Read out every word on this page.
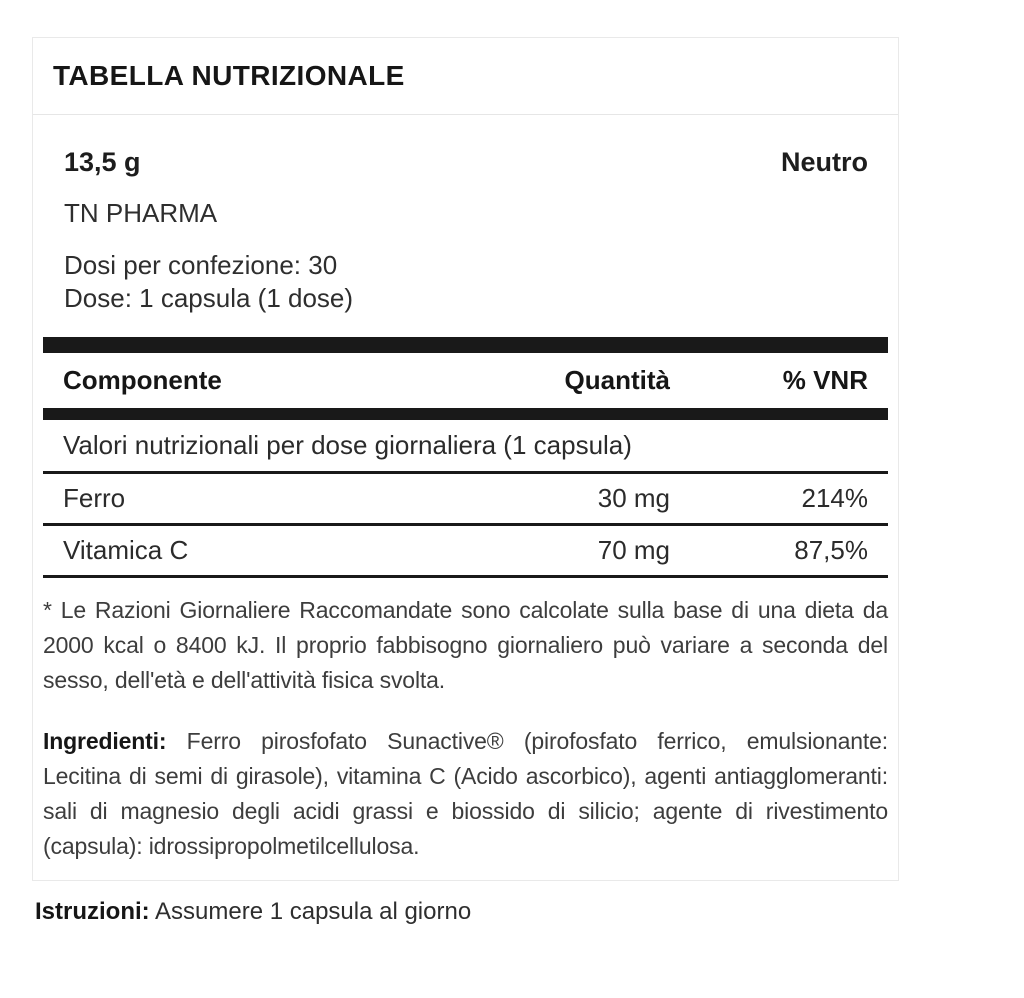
TABELLA NUTRIZIONALE
13,5 g	Neutro
TN PHARMA
Dosi per confezione: 30
Dose: 1 capsula (1 dose)
Componente	Quantità	% VNR
Valori nutrizionali per dose giornaliera (1 capsula)
Ferro	30 mg	214%
Vitamica C	70 mg	87,5%

* Le Razioni Giornaliere Raccomandate sono calcolate sulla base di una dieta da 2000 kcal o 8400 kJ. Il proprio fabbisogno giornaliero può variare a seconda del sesso, dell'età e dell'attività fisica svolta.

Ingredienti: Ferro pirosfofato Sunactive® (pirofosfato ferrico, emulsionante: Lecitina di semi di girasole), vitamina C (Acido ascorbico), agenti antiagglomeranti: sali di magnesio degli acidi grassi e biossido di silicio; agente di rivestimento (capsula): idrossipropolmetilcellulosa.

Istruzioni: Assumere 1 capsula al giorno
